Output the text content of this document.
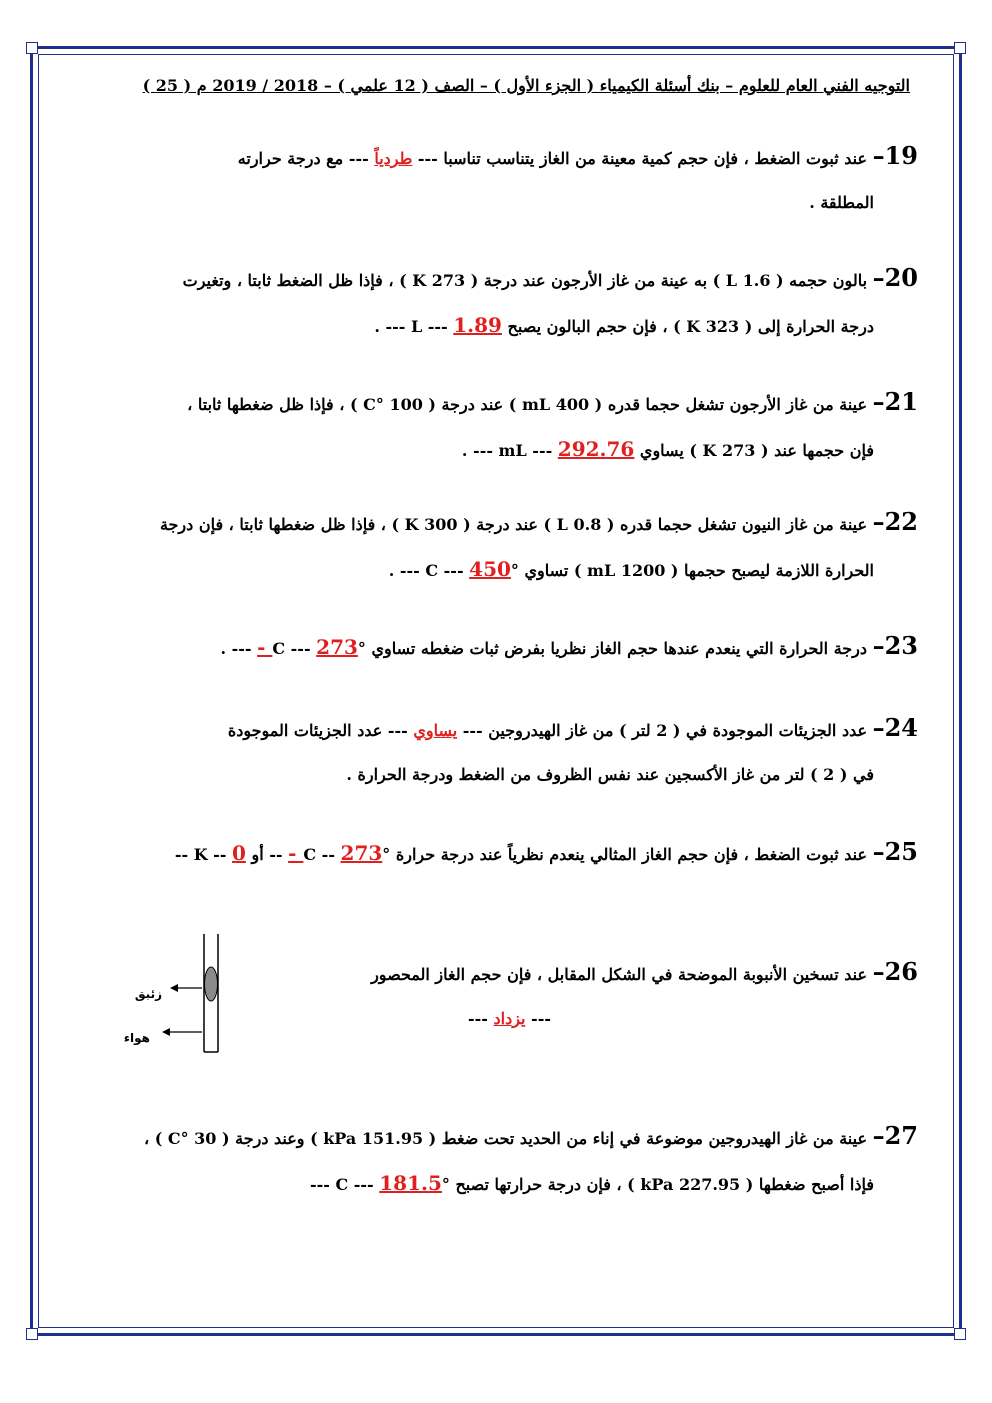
التوجيه الفني العام للعلوم – بنك أسئلة الكيمياء ( الجزء الأول ) – الصف ( 12 علمي ) – 2018 / 2019 م ( 25 )
19– عند ثبوت الضغط ، فإن حجم كمية معينة من الغاز يتناسب تناسبا --- طردياً --- مع درجة حرارته
المطلقة .
20– بالون حجمه ( 1.6 L ) به عينة من غاز الأرجون عند درجة ( 273 K ) ، فإذا ظل الضغط ثابتا ، وتغيرت
درجة الحرارة إلى ( 323 K ) ، فإن حجم البالون يصبح L --- 1.89 --- .
21– عينة من غاز الأرجون تشغل حجما قدره ( 400 mL ) عند درجة ( 100 °C ) ، فإذا ظل ضغطها ثابتا ،
فإن حجمها عند ( 273 K ) يساوي mL --- 292.76 --- .
22– عينة من غاز النيون تشغل حجما قدره ( 0.8 L ) عند درجة ( 300 K ) ، فإذا ظل ضغطها ثابتا ، فإن درجة
الحرارة اللازمة ليصبح حجمها ( 1200 mL ) تساوي °C --- 450 --- .
23– درجة الحرارة التي ينعدم عندها حجم الغاز نظريا بفرض ثبات ضغطه تساوي °C --- 273 - --- .
24– عدد الجزيئات الموجودة في ( 2 لتر ) من غاز الهيدروجين --- يساوي --- عدد الجزيئات الموجودة
في ( 2 ) لتر من غاز الأكسجين عند نفس الظروف من الضغط ودرجة الحرارة .
25– عند ثبوت الضغط ، فإن حجم الغاز المثالي ينعدم نظرياً عند درجة حرارة °C -- 273 - -- أو K -- 0 --
26– عند تسخين الأنبوبة الموضحة في الشكل المقابل ، فإن حجم الغاز المحصور
--- يزداد ---
زئبق
هواء
27– عينة من غاز الهيدروجين موضوعة في إناء من الحديد تحت ضغط ( 151.95 kPa ) وعند درجة ( 30 °C ) ،
فإذا أصبح ضغطها ( 227.95 kPa ) ، فإن درجة حرارتها تصبح °C --- 181.5 ---
